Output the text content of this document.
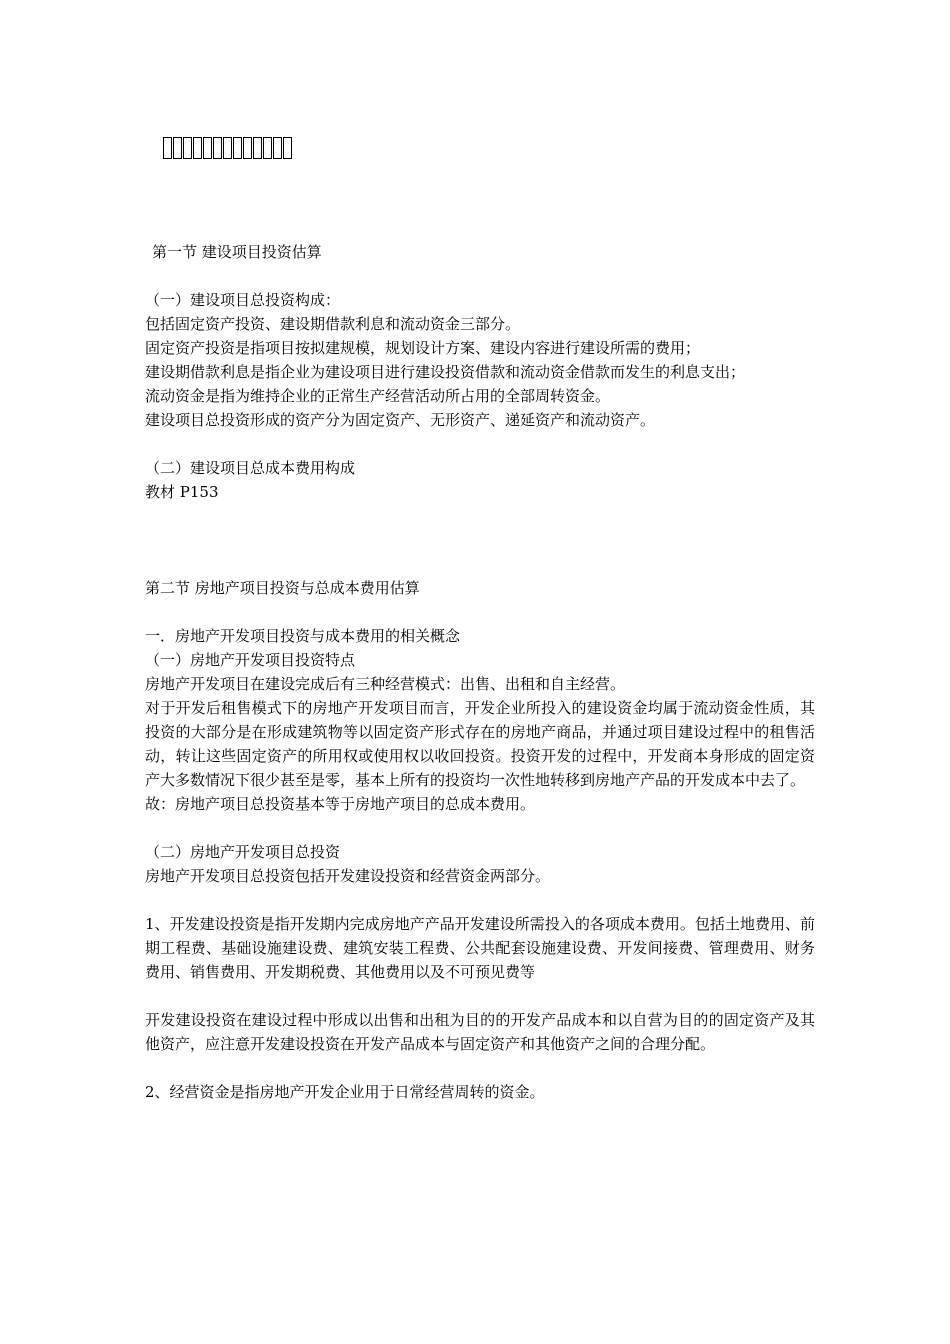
第一节 建设项目投资估算

（一）建设项目总投资构成：

包括固定资产投资、建设期借款利息和流动资金三部分。

固定资产投资是指项目按拟建规模，规划设计方案、建设内容进行建设所需的费用；

建设期借款利息是指企业为建设项目进行建设投资借款和流动资金借款而发生的利息支出；

流动资金是指为维持企业的正常生产经营活动所占用的全部周转资金。

建设项目总投资形成的资产分为固定资产、无形资产、递延资产和流动资产。

（二）建设项目总成本费用构成

教材 P153

第二节 房地产项目投资与总成本费用估算

一．房地产开发项目投资与成本费用的相关概念

（一）房地产开发项目投资特点

房地产开发项目在建设完成后有三种经营模式：出售、出租和自主经营。

对于开发后租售模式下的房地产开发项目而言，开发企业所投入的建设资金均属于流动资金性质，其投资的大部分是在形成建筑物等以固定资产形式存在的房地产商品，并通过项目建设过程中的租售活动，转让这些固定资产的所用权或使用权以收回投资。投资开发的过程中，开发商本身形成的固定资产大多数情况下很少甚至是零，基本上所有的投资均一次性地转移到房地产产品的开发成本中去了。

故：房地产项目总投资基本等于房地产项目的总成本费用。

（二）房地产开发项目总投资

房地产开发项目总投资包括开发建设投资和经营资金两部分。

1、开发建设投资是指开发期内完成房地产产品开发建设所需投入的各项成本费用。包括土地费用、前期工程费、基础设施建设费、建筑安装工程费、公共配套设施建设费、开发间接费、管理费用、财务费用、销售费用、开发期税费、其他费用以及不可预见费等

开发建设投资在建设过程中形成以出售和出租为目的的开发产品成本和以自营为目的的固定资产及其他资产，应注意开发建设投资在开发产品成本与固定资产和其他资产之间的合理分配。

2、经营资金是指房地产开发企业用于日常经营周转的资金。
